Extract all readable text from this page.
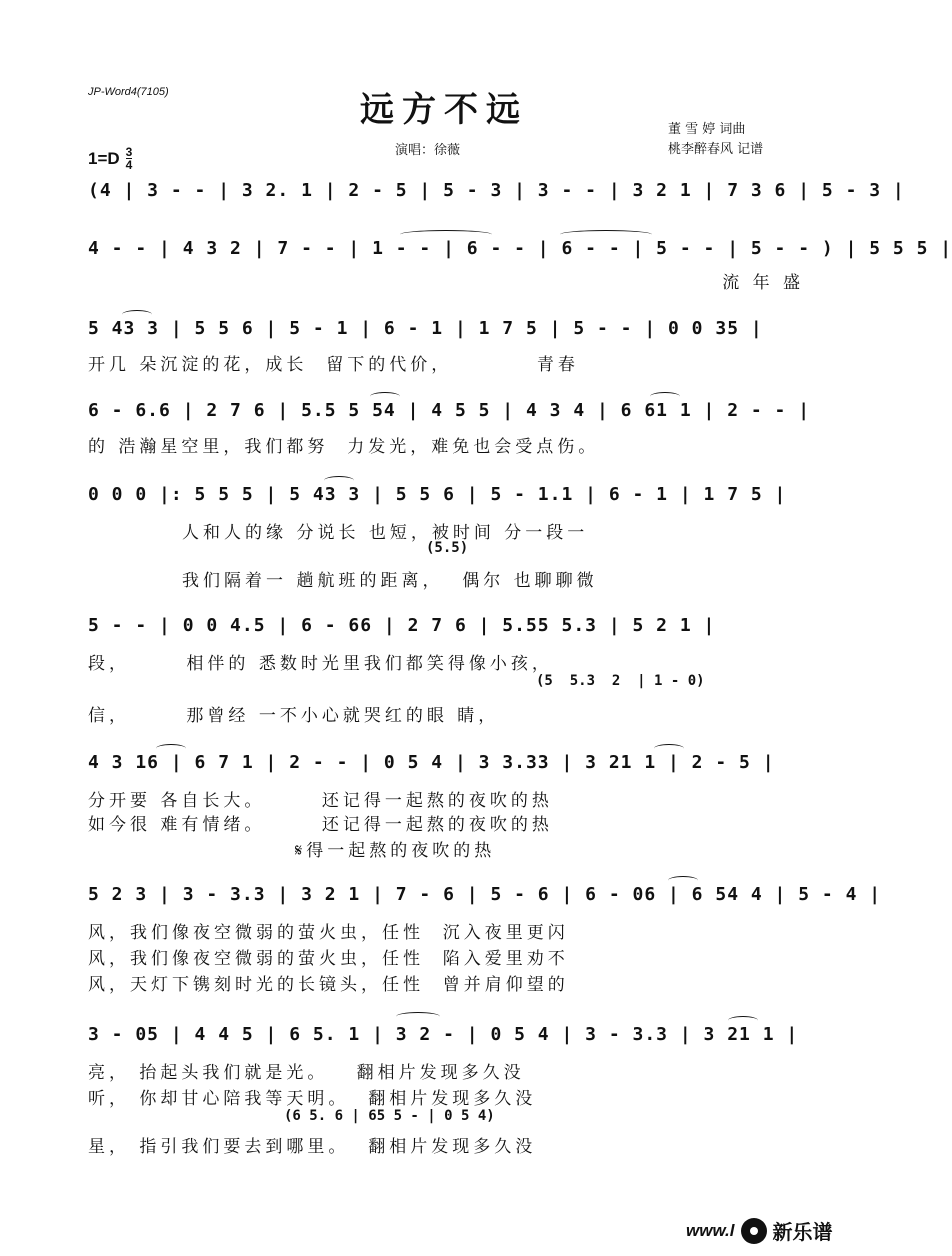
JP-Word4(7105)	远方不远	董 雪 婷 词曲
桃李醉春风 记谱
$1=D \frac{3}{4}$	演唱：徐薇
(4 | 3 - - | 3 2. 1 | 2 - 5 | 5 - 3 | 3 - - | 3 2 1 | 7 3 6 | 5 - 3 |
4 - - | 4 3 2 | 7 - - | 1 - - | 6 - - | 6 - - | 5 - - | 5 - - ) | 5 5 5 |
流 年 盛
5 43 3 | 5 5 6 | 5 - 1 | 6 - 1 | 1 7 5 | 5 - - | 0 0 35 |
开几 朵沉淀的花，成长  留下的代价，         青春
6 - 6.6 | 2 7 6 | 5.5 5 54 | 4 5 5 | 4 3 4 | 6 61 1 | 2 - - |
的 浩瀚星空里，我们都努  力发光，难免也会受点伤。
0 0 0 |: 5 5 5 | 5 43 3 | 5 5 6 | 5 - 1.1 | 6 - 1 | 1 7 5 |
人和人的缘 分说长 也短，被时间 分一段一
(5.5)
我们隔着一 趟航班的距离，  偶尔 也聊聊微
5 - - | 0 0 4.5 | 6 - 66 | 2 7 6 | 5.55 5.3 | 5 2 1 |
段，      相伴的 悉数时光里我们都笑得像小孩，
(5  5.3  2  | 1 - 0)
信，      那曾经 一不小心就哭红的眼 睛，
4 3 16 | 6 7 1 | 2 - - | 0 5 4 | 3 3.33 | 3 21 1 | 2 - 5 |
分开要 各自长大。      还记得一起熬的夜吹的热
如今很 难有情绪。      还记得一起熬的夜吹的热
𝄋得一起熬的夜吹的热
5 2 3 | 3 - 3.3 | 3 2 1 | 7 - 6 | 5 - 6 | 6 - 06 | 6 54 4 | 5 - 4 |
风，我们像夜空微弱的萤火虫，任性  沉入夜里更闪
风，我们像夜空微弱的萤火虫，任性  陷入爱里劝不
风，天灯下镌刻时光的长镜头，任性  曾并肩仰望的
3 - 05 | 4 4 5 | 6 5. 1 | 3 2 - | 0 5 4 | 3 - 3.3 | 3 21 1 |
亮， 抬起头我们就是光。   翻相片发现多久没
听， 你却甘心陪我等天明。  翻相片发现多久没
(6 5. 6 | 65 5 - | 0 5 4)
星， 指引我们要去到哪里。  翻相片发现多久没
www.l 新乐谱
